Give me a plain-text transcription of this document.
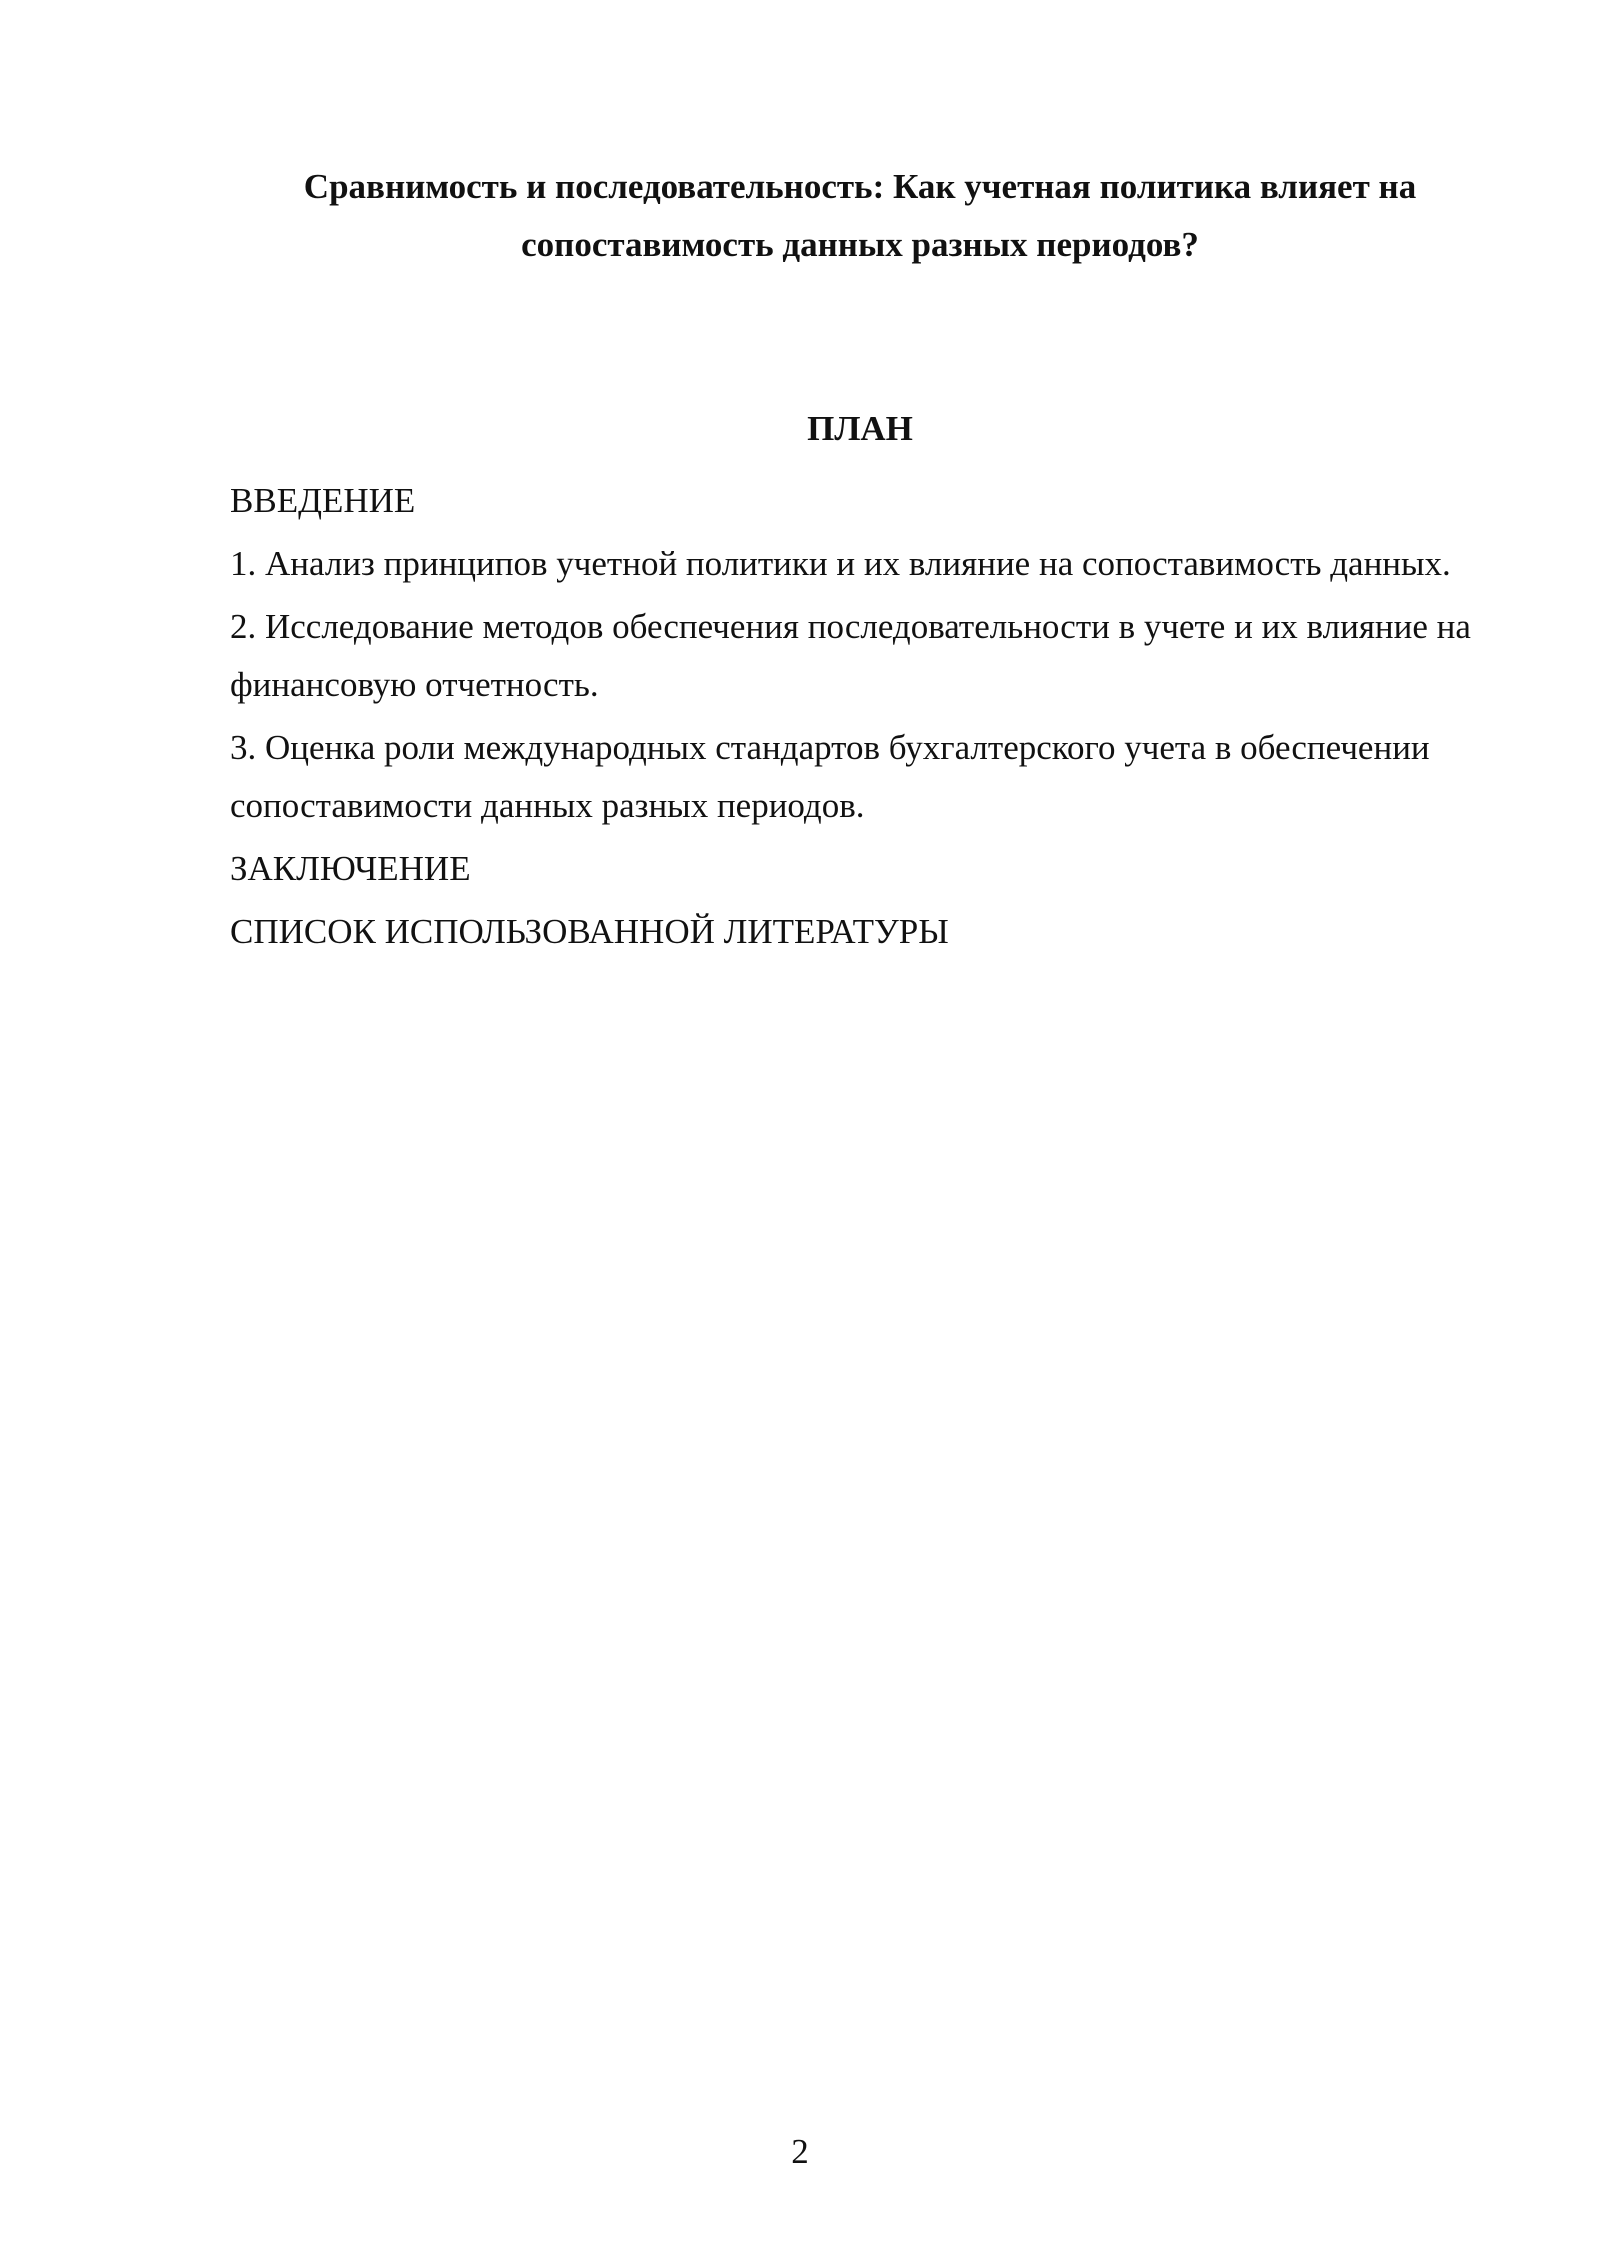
Сравнимость и последовательность: Как учетная политика влияет на сопоставимость данных разных периодов?
ПЛАН
ВВЕДЕНИЕ
1. Анализ принципов учетной политики и их влияние на сопоставимость данных.
2. Исследование методов обеспечения последовательности в учете и их влияние на финансовую отчетность.
3. Оценка роли международных стандартов бухгалтерского учета в обеспечении сопоставимости данных разных периодов.
ЗАКЛЮЧЕНИЕ
СПИСОК ИСПОЛЬЗОВАННОЙ ЛИТЕРАТУРЫ
2
